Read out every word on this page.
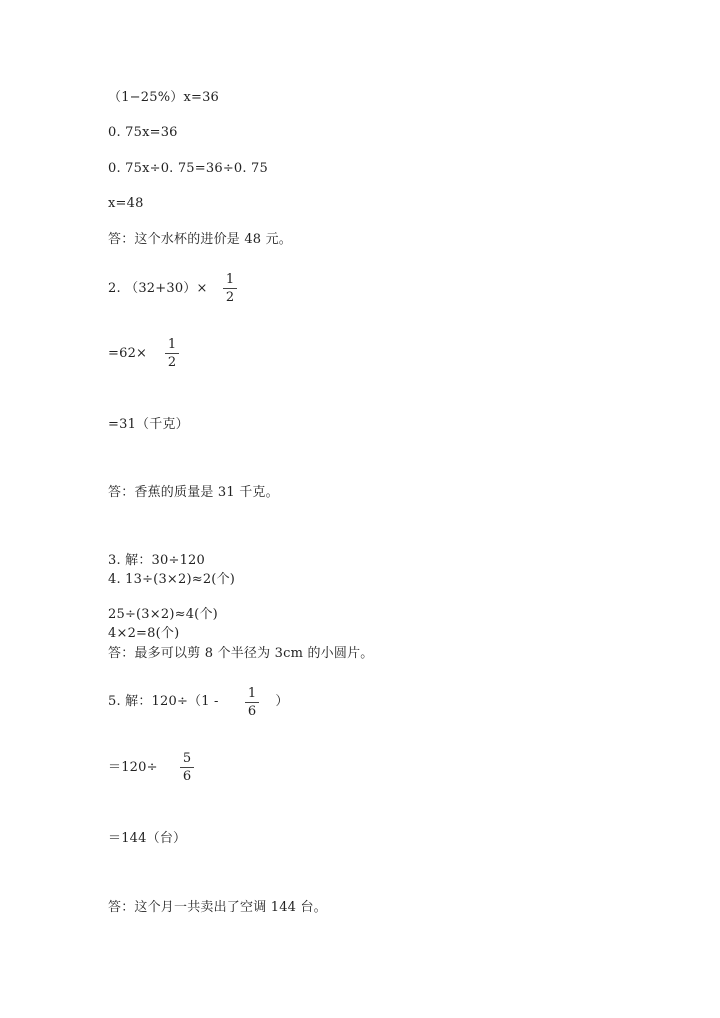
（1−25%）x=36
0. 75x=36
0. 75x÷0. 75=36÷0. 75
x=48
答：这个水杯的进价是 48 元。
2. （32+30）×
1
2
=62×
1
2
=31（千克）
答：香蕉的质量是 31 千克。
3. 解：30÷120
4. 13÷(3×2)≈2(个)
25÷(3×2)≈4(个)
4×2=8(个)
答：最多可以剪 8 个半径为 3cm 的小圆片。
5. 解：120÷（1 -	）
1
6
＝120÷
5
6
＝144（台）
答：这个月一共卖出了空调 144 台。
